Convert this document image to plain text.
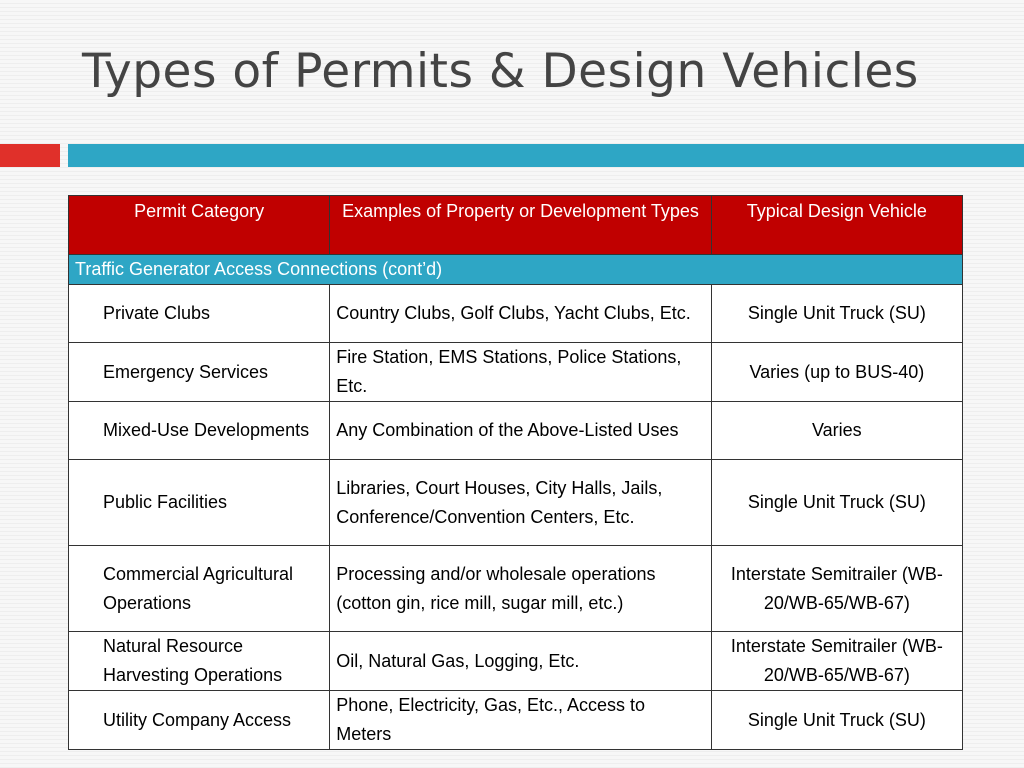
Types of Permits & Design Vehicles
Permit Category	Examples of Property or Development Types	Typical Design Vehicle
Traffic Generator Access Connections (cont’d)		
Private Clubs	Country Clubs, Golf Clubs, Yacht Clubs, Etc.	Single Unit Truck (SU)
Emergency Services	Fire Station, EMS Stations, Police Stations, Etc.	Varies (up to BUS-40)
Mixed-Use Developments	Any Combination of the Above-Listed Uses	Varies
Public Facilities	Libraries, Court Houses, City Halls, Jails, Conference/Convention Centers, Etc.	Single Unit Truck (SU)
Commercial Agricultural Operations	Processing and/or wholesale operations (cotton gin, rice mill, sugar mill, etc.)	Interstate Semitrailer (WB-20/WB-65/WB-67)
Natural Resource Harvesting Operations	Oil, Natural Gas, Logging, Etc.	Interstate Semitrailer (WB-20/WB-65/WB-67)
Utility Company Access	Phone, Electricity, Gas, Etc., Access to Meters	Single Unit Truck (SU)
